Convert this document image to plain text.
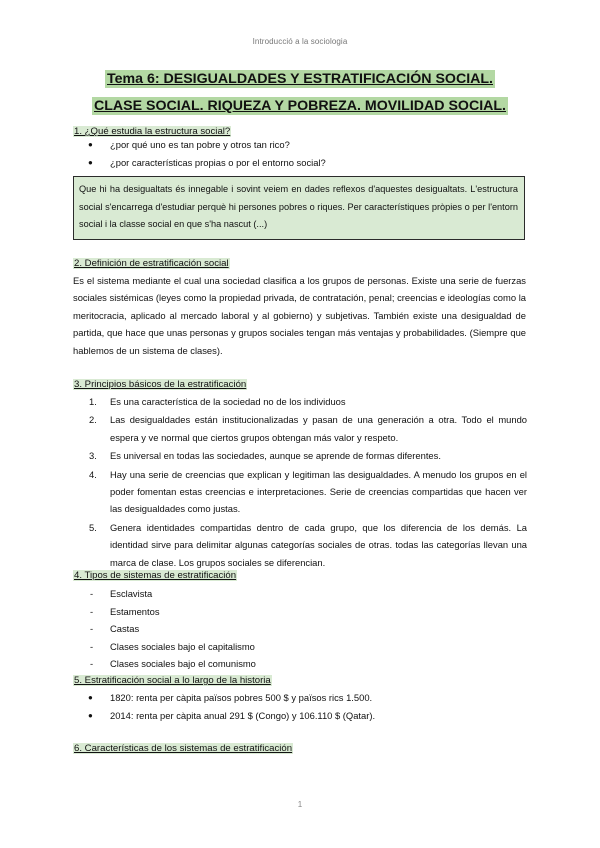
Introducció a la sociologia
Tema 6: DESIGUALDADES Y ESTRATIFICACIÓN SOCIAL.
CLASE SOCIAL. RIQUEZA Y POBREZA. MOVILIDAD SOCIAL.
1. ¿Qué estudia la estructura social?
● ¿por qué uno es tan pobre y otros tan rico?
● ¿por características propias o por el entorno social?

Que hi ha desigualtats és innegable i sovint veiem en dades reflexos d'aquestes desigualtats. L'estructura social s'encarrega d'estudiar perquè hi persones pobres o riques. Per característiques pròpies o per l'entorn social i la classe social en que s'ha nascut (...)

2. Definición de estratificación social

Es el sistema mediante el cual una sociedad clasifica a los grupos de personas. Existe una serie de fuerzas sociales sistémicas (leyes como la propiedad privada, de contratación, penal; creencias e ideologías como la meritocracia, aplicado al mercado laboral y al gobierno) y subjetivas. También existe una desigualdad de partida, que hace que unas personas y grupos sociales tengan más ventajas y probabilidades. (Siempre que hablemos de un sistema de clases).

3. Principios básicos de la estratificación
1. Es una característica de la sociedad no de los individuos
2. Las desigualdades están institucionalizadas y pasan de una generación a otra. Todo el mundo espera y ve normal que ciertos grupos obtengan más valor y respeto.
3. Es universal en todas las sociedades, aunque se aprende de formas diferentes.
4. Hay una serie de creencias que explican y legitiman las desigualdades. A menudo los grupos en el poder fomentan estas creencias e interpretaciones. Serie de creencias compartidas que hacen ver las desigualdades como justas.
5. Genera identidades compartidas dentro de cada grupo, que los diferencia de los demás. La identidad sirve para delimitar algunas categorías sociales de otras. todas las categorías llevan una marca de clase. Los grupos sociales se diferencian.
4. Tipos de sistemas de estratificación
- Esclavista
- Estamentos
- Castas
- Clases sociales bajo el capitalismo
- Clases sociales bajo el comunismo
5. Estratificación social a lo largo de la historia
● 1820: renta per càpita països pobres 500 $ y països rics 1.500.
● 2014: renta per càpita anual 291 $ (Congo) y 106.110 $ (Qatar).
6. Características de los sistemas de estratificación
1
